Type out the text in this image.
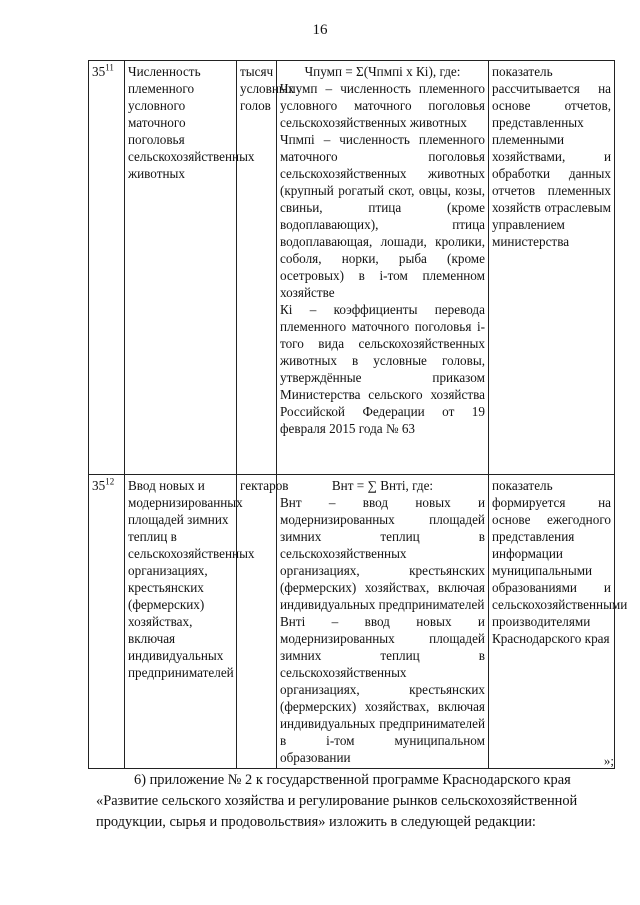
16
$35^{11}$	Численность племенного условного маточного поголовья сельскохозяйственных животных	тысяч условных голов	Чпумп = Σ(Чпмпi x Кi), где:
Чпумп – численность племенного условного маточного поголовья сельскохозяйственных животных
Чпмпi – численность племенного маточного поголовья сельскохозяйственных животных (крупный рогатый скот, овцы, козы, свиньи, птица (кроме водоплавающих), птица водоплавающая, лошади, кролики, соболя, норки, рыба (кроме осетровых) в i-том племенном хозяйстве
Кi – коэффициенты перевода племенного маточного поголовья i-того вида сельскохозяйственных животных в условные головы, утверждённые приказом Министерства сельского хозяйства Российской Федерации от 19 февраля 2015 года № 63	показатель рассчитывается на основе отчетов, представленных племенными хозяйствами, и обработки данных отчетов племенных хозяйств отраслевым управлением министерства
$35^{12}$	Ввод новых и модернизированных площадей зимних теплиц в сельскохозяйственных организациях, крестьянских (фермерских) хозяйствах, включая индивидуальных предпринимателей	гектаров	Внт = ∑ Внтi, где:
Внт – ввод новых и модернизированных площадей зимних теплиц в сельскохозяйственных организациях, крестьянских (фермерских) хозяйствах, включая индивидуальных предпринимателей
Внтi – ввод новых и модернизированных площадей зимних теплиц в сельскохозяйственных организациях, крестьянских (фермерских) хозяйствах, включая индивидуальных предпринимателей в i-том муниципальном образовании	показатель формируется на основе ежегодного представления информации муниципальными образованиями и сельскохозяйственными производителями Краснодарского края
»;
6) приложение № 2 к государственной программе Краснодарского края
«Развитие сельского хозяйства и регулирование рынков сельскохозяйственной продукции, сырья и продовольствия» изложить в следующей редакции:
